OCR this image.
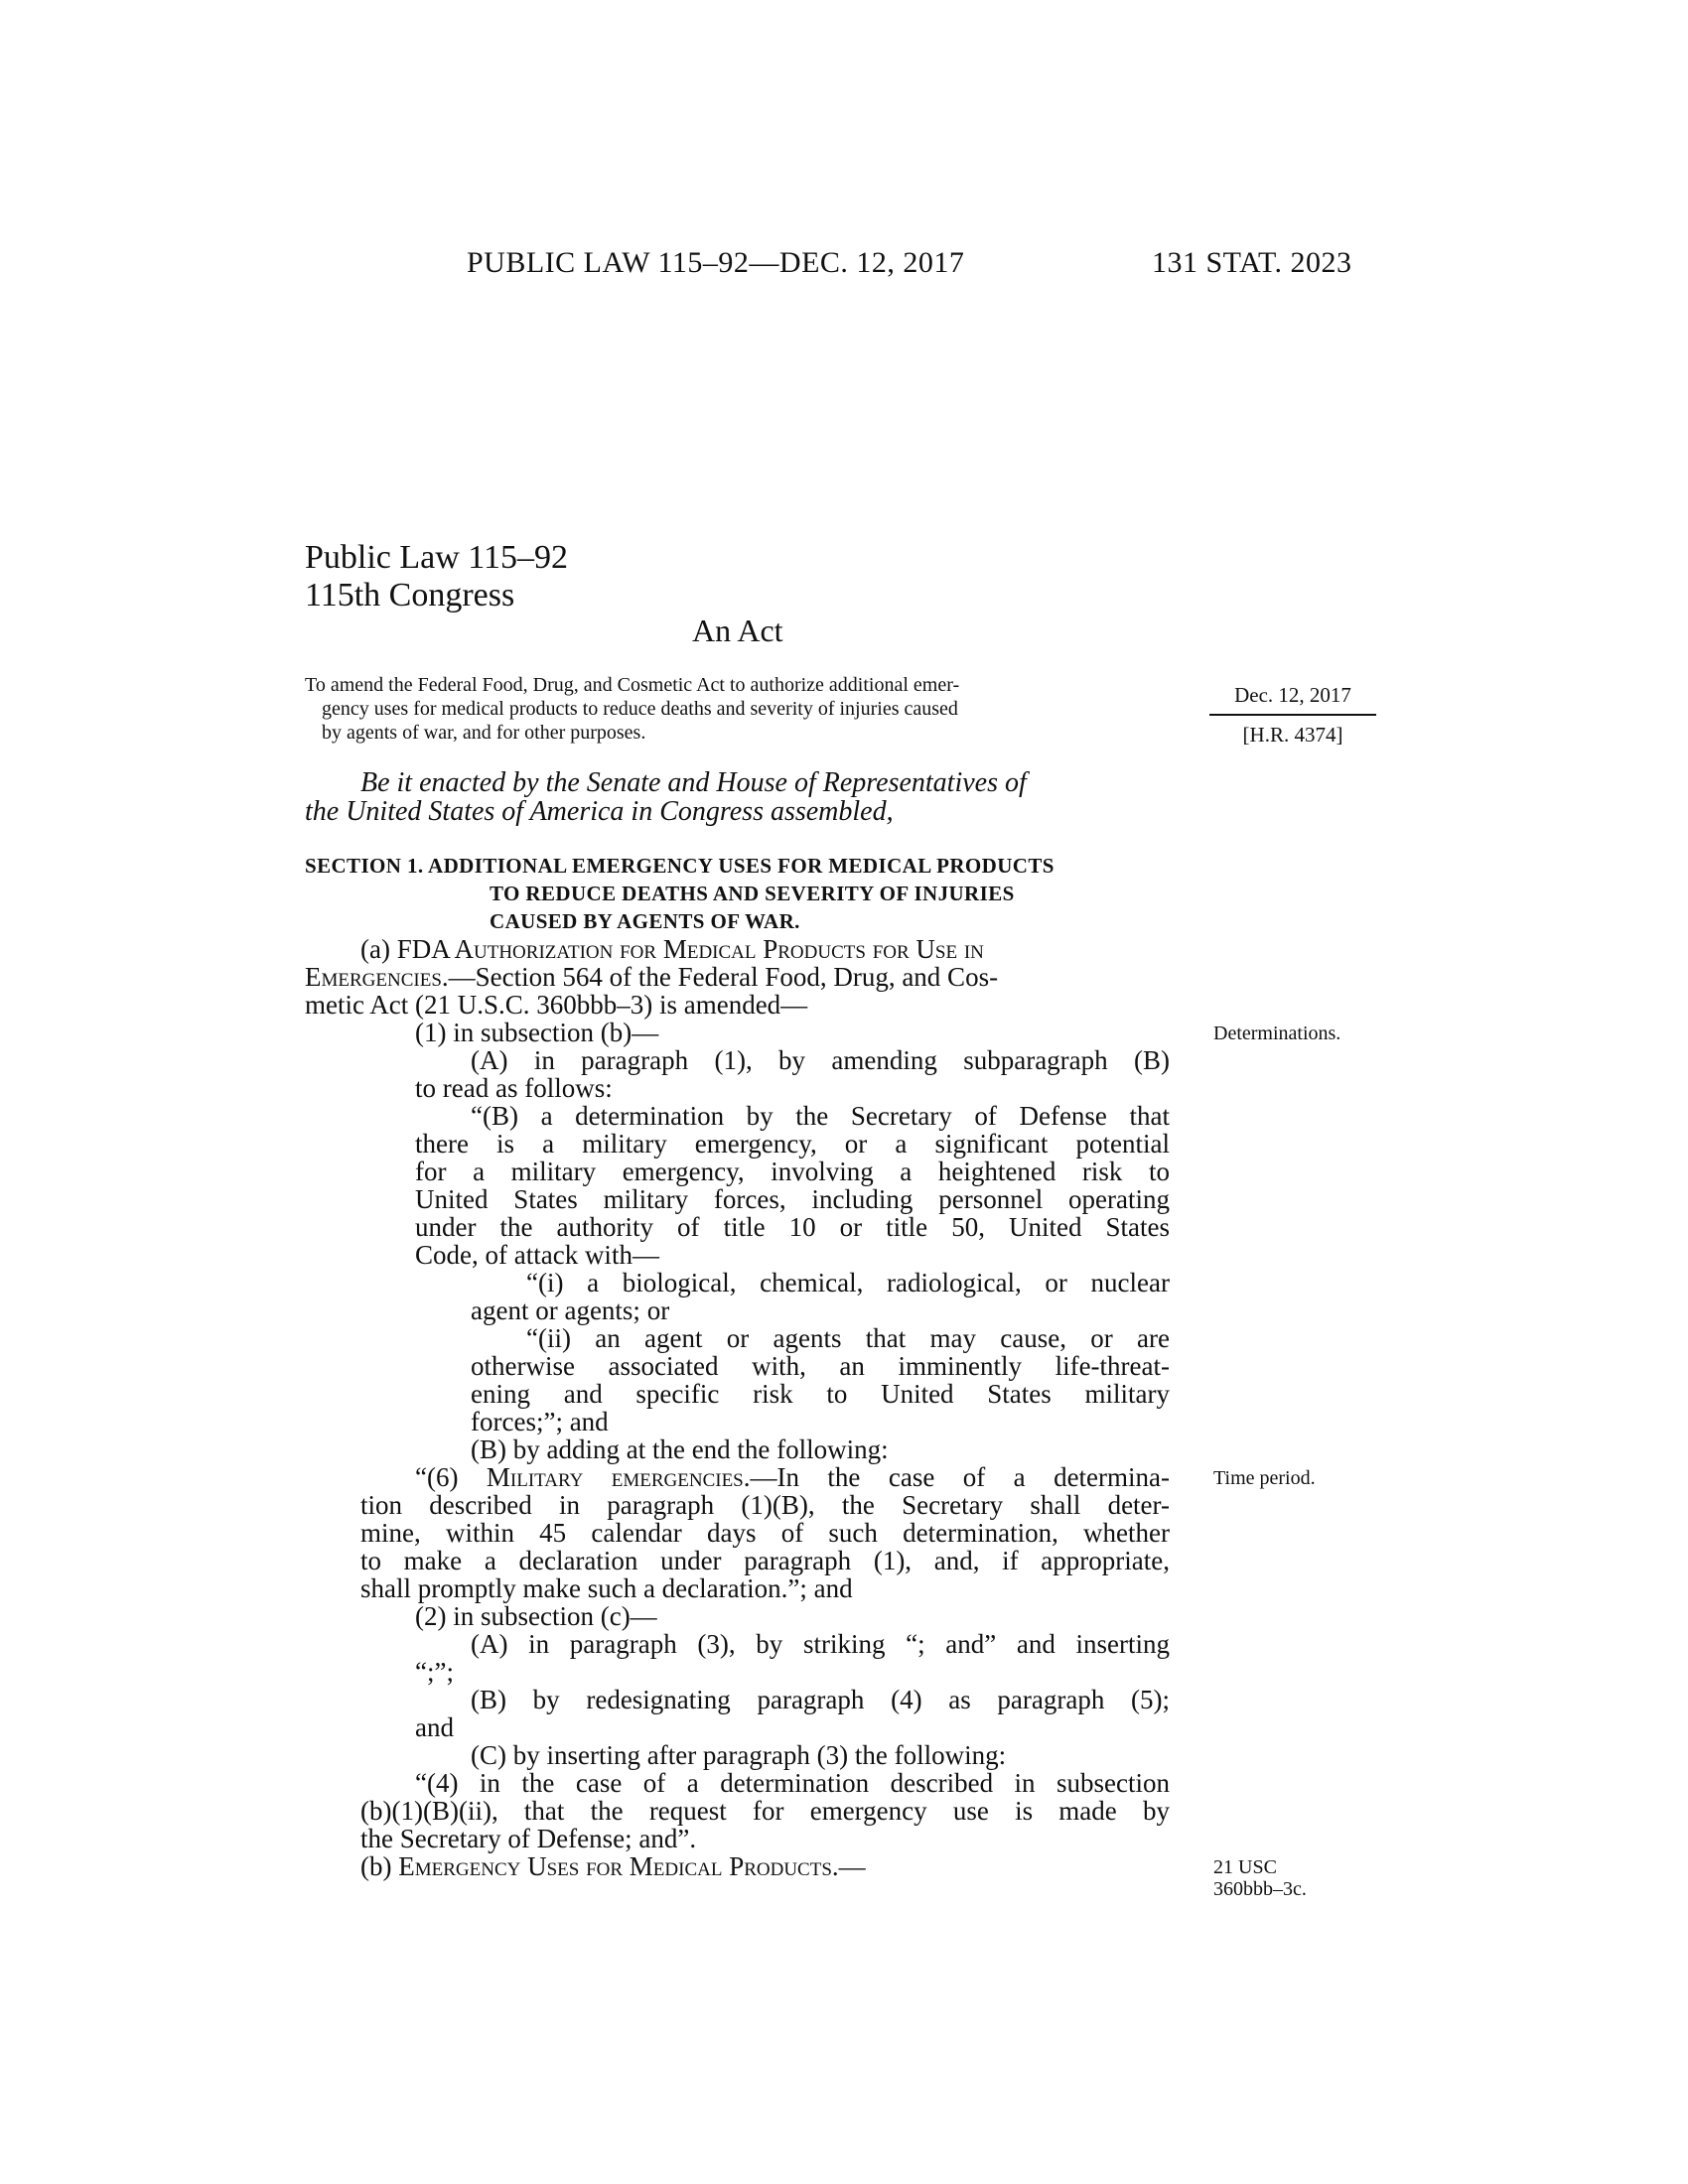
PUBLIC LAW 115–92—DEC. 12, 2017	131 STAT. 2023
Public Law 115–92
115th Congress
An Act
To amend the Federal Food, Drug, and Cosmetic Act to authorize additional emer-
gency uses for medical products to reduce deaths and severity of injuries caused
by agents of war, and for other purposes.
Dec. 12, 2017
[H.R. 4374]
Be it enacted by the Senate and House of Representatives of
the United States of America in Congress assembled,
SECTION 1. ADDITIONAL EMERGENCY USES FOR MEDICAL PRODUCTS
TO REDUCE DEATHS AND SEVERITY OF INJURIES
CAUSED BY AGENTS OF WAR.
(a) FDA Authorization for Medical Products for Use in
Emergencies.—Section 564 of the Federal Food, Drug, and Cos-
metic Act (21 U.S.C. 360bbb–3) is amended—
(1) in subsection (b)—
(A) in paragraph (1), by amending subparagraph (B)
to read as follows:
“(B) a determination by the Secretary of Defense that
there is a military emergency, or a significant potential
for a military emergency, involving a heightened risk to
United States military forces, including personnel operating
under the authority of title 10 or title 50, United States
Code, of attack with—
“(i) a biological, chemical, radiological, or nuclear
agent or agents; or
“(ii) an agent or agents that may cause, or are
otherwise associated with, an imminently life-threat-
ening and specific risk to United States military
forces;”; and
(B) by adding at the end the following:
“(6) Military emergencies.—In the case of a determina-
tion described in paragraph (1)(B), the Secretary shall deter-
mine, within 45 calendar days of such determination, whether
to make a declaration under paragraph (1), and, if appropriate,
shall promptly make such a declaration.”; and
(2) in subsection (c)—
(A) in paragraph (3), by striking “; and” and inserting
“;”;
(B) by redesignating paragraph (4) as paragraph (5);
and
(C) by inserting after paragraph (3) the following:
“(4) in the case of a determination described in subsection
(b)(1)(B)(ii), that the request for emergency use is made by
the Secretary of Defense; and”.
(b) Emergency Uses for Medical Products.—
Determinations.
Time period.
21 USC
360bbb–3c.
